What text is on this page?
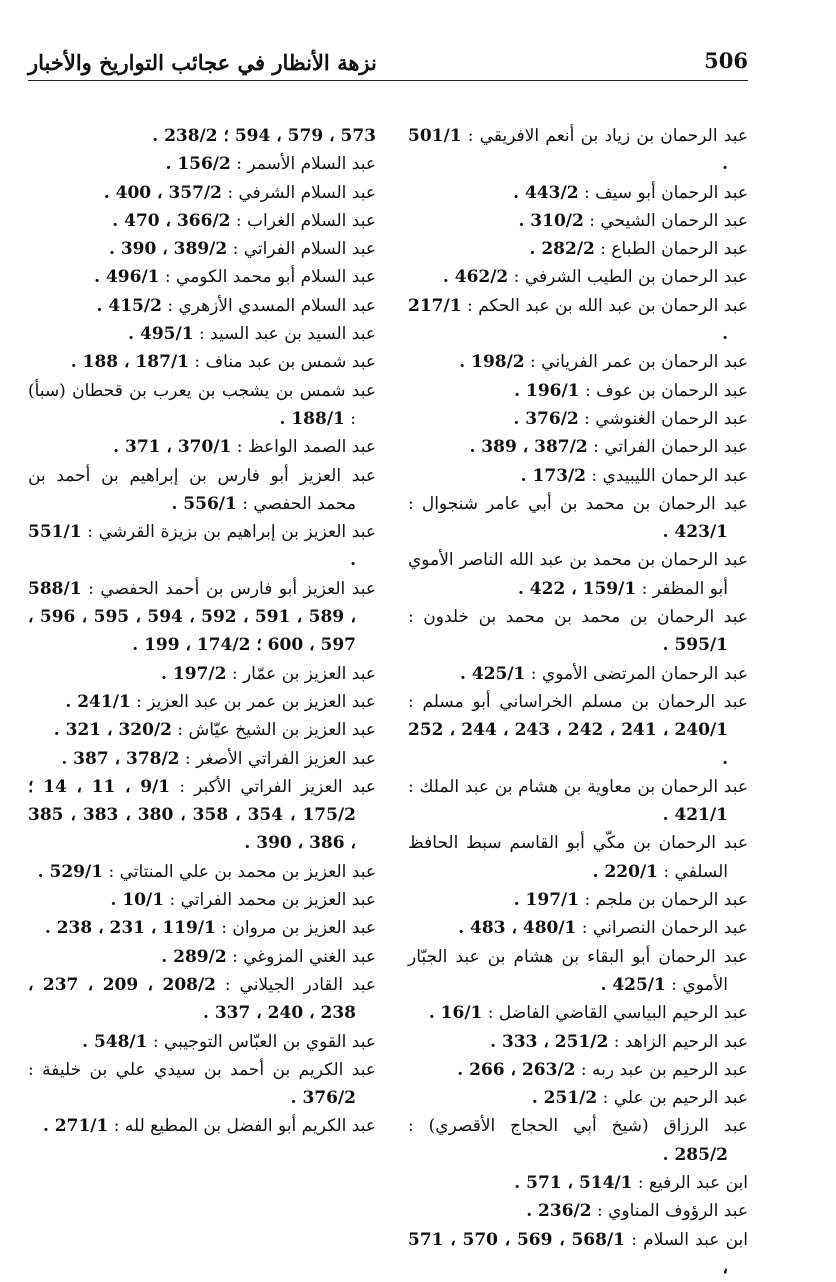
نزهة الأنظار في عجائب التواريخ والأخبار	506
عبد الرحمان بن زياد بن أنعم الافريقي : 501/1 .
عبد الرحمان أبو سيف : 443/2 .
عبد الرحمان الشيحي : 310/2 .
عبد الرحمان الطباع : 282/2 .
عبد الرحمان بن الطيب الشرفي : 462/2 .
عبد الرحمان بن عبد الله بن عبد الحكم : 217/1 .
عبد الرحمان بن عمر الفرياني : 198/2 .
عبد الرحمان بن عوف : 196/1 .
عبد الرحمان الغنوشي : 376/2 .
عبد الرحمان الفراتي : 387/2 ، 389 .
عبد الرحمان الليبيدي : 173/2 .
عبد الرحمان بن محمد بن أبي عامر شنجوال : 423/1 .
عبد الرحمان بن محمد بن عبد الله الناصر الأموي أبو المظفر : 159/1 ، 422 .
عبد الرحمان بن محمد بن محمد بن خلدون : 595/1 .
عبد الرحمان المرتضى الأموي : 425/1 .
عبد الرحمان بن مسلم الخراساني أبو مسلم : 240/1 ، 241 ، 242 ، 243 ، 244 ، 252 .
عبد الرحمان بن معاوية بن هشام بن عبد الملك : 421/1 .
عبد الرحمان بن مكّي أبو القاسم سبط الحافظ السلفي : 220/1 .
عبد الرحمان بن ملجم : 197/1 .
عبد الرحمان النصراني : 480/1 ، 483 .
عبد الرحمان أبو البقاء بن هشام بن عبد الجبّار الأموي : 425/1 .
عبد الرحيم البياسي القاضي الفاضل : 16/1 .
عبد الرحيم الزاهد : 251/2 ، 333 .
عبد الرحيم بن عبد ربه : 263/2 ، 266 .
عبد الرحيم بن علي : 251/2 .
عبد الرزاق (شيخ أبي الحجاج الأقصري) : 285/2 .
ابن عبد الرفيع : 514/1 ، 571 .
عبد الرؤوف المناوي : 236/2 .
ابن عبد السلام : 568/1 ، 569 ، 570 ، 571 ،
573 ، 579 ، 594 ؛ 238/2 .
عبد السلام الأسمر : 156/2 .
عبد السلام الشرفي : 357/2 ، 400 .
عبد السلام الغراب : 366/2 ، 470 .
عبد السلام الفراتي : 389/2 ، 390 .
عبد السلام أبو محمد الكومي : 496/1 .
عبد السلام المسدي الأزهري : 415/2 .
عبد السيد بن عبد السيد : 495/1 .
عبد شمس بن عبد مناف : 187/1 ، 188 .
عبد شمس بن يشجب بن يعرب بن قحطان (سبأ) : 188/1 .
عبد الصمد الواعظ : 370/1 ، 371 .
عبد العزيز أبو فارس بن إبراهيم بن أحمد بن محمد الحفصي : 556/1 .
عبد العزيز بن إبراهيم بن بزيزة القرشي : 551/1 .
عبد العزيز أبو فارس بن أحمد الحفصي : 588/1 ، 589 ، 591 ، 592 ، 594 ، 595 ، 596 ، 597 ، 600 ؛ 174/2 ، 199 .
عبد العزيز بن عمّار : 197/2 .
عبد العزيز بن عمر بن عبد العزيز : 241/1 .
عبد العزيز بن الشيخ عيّاش : 320/2 ، 321 .
عبد العزيز الفراتي الأصغر : 378/2 ، 387 .
عبد العزيز الفراتي الأكبر : 9/1 ، 11 ، 14 ؛ 175/2 ، 354 ، 358 ، 380 ، 383 ، 385 ، 386 ، 390 .
عبد العزيز بن محمد بن علي المنتاتي : 529/1 .
عبد العزيز بن محمد الفراتي : 10/1 .
عبد العزيز بن مروان : 119/1 ، 231 ، 238 .
عبد الغني المزوغي : 289/2 .
عبد القادر الجيلاني : 208/2 ، 209 ، 237 ، 238 ، 240 ، 337 .
عبد القوي بن العبّاس التوجيبي : 548/1 .
عبد الكريم بن أحمد بن سيدي علي بن خليفة : 376/2 .
عبد الكريم أبو الفضل بن المطيع لله : 271/1 .
